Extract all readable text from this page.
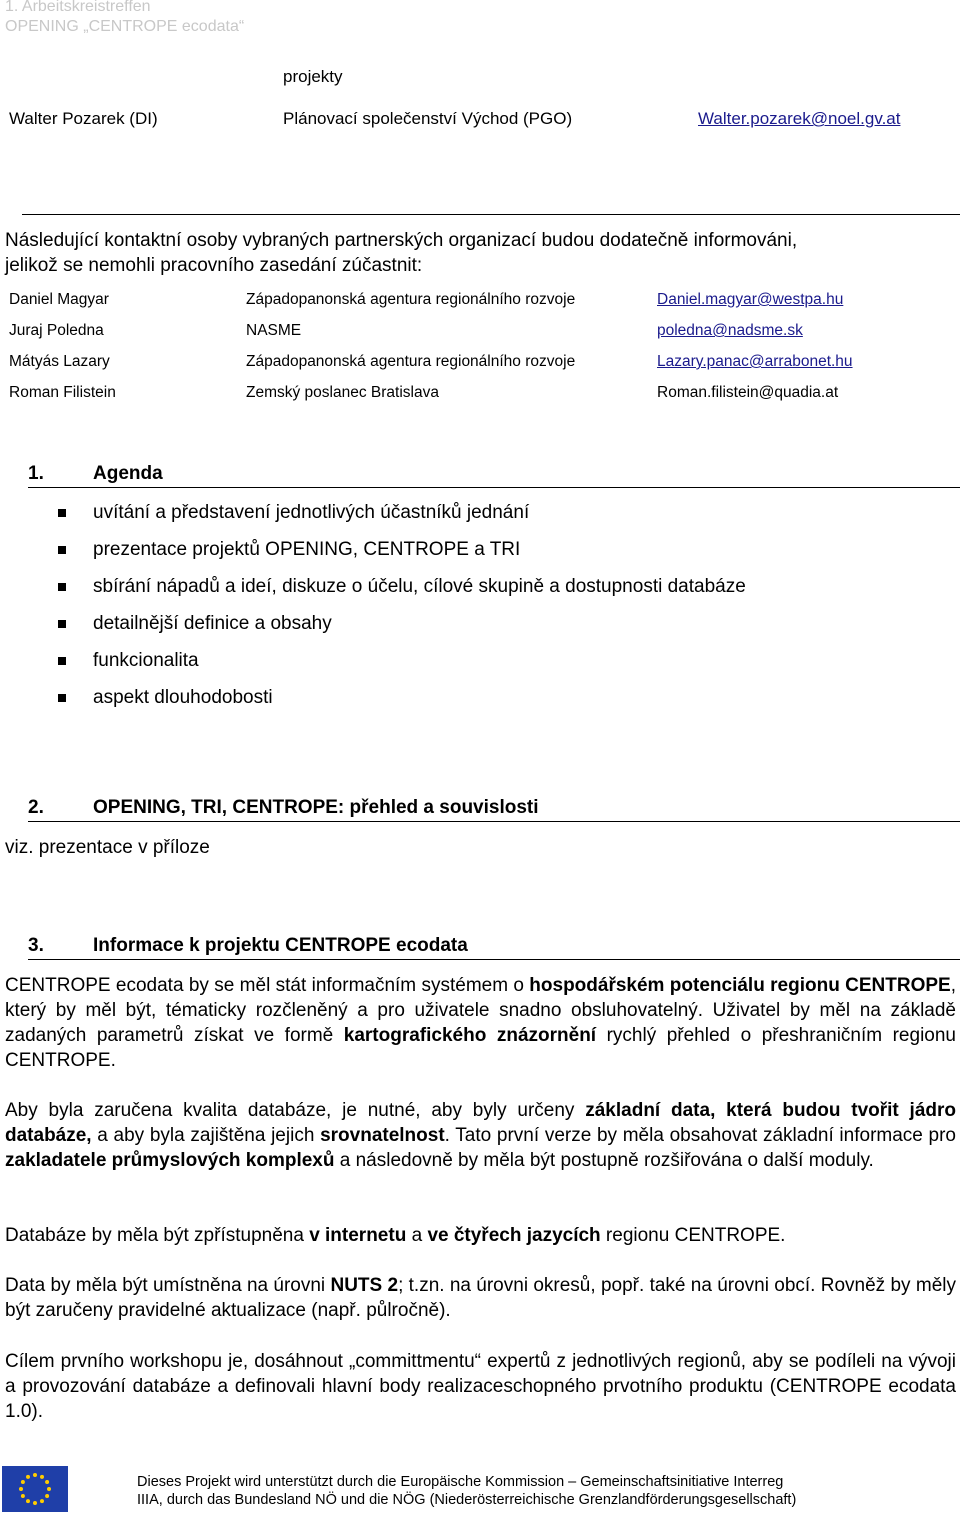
1. Arbeitskreistreffen
OPENING „CENTROPE ecodata“
projekty
Walter Pozarek (DI)	Plánovací společenství Východ (PGO)	Walter.pozarek@noel.gv.at
Následující kontaktní osoby vybraných partnerských organizací budou dodatečně informováni,
jelikož se nemohli pracovního zasedání zúčastnit:
Daniel Magyar	Západopanonská agentura regionálního rozvoje	Daniel.magyar@westpa.hu
Juraj Poledna	NASME	poledna@nadsme.sk
Mátyás Lazary	Západopanonská agentura regionálního rozvoje	Lazary.panac@arrabonet.hu
Roman Filistein	Zemský poslanec Bratislava	Roman.filistein@quadia.at
1.	Agenda
uvítání a představení jednotlivých účastníků jednání
prezentace projektů OPENING, CENTROPE a TRI
sbírání nápadů a ideí, diskuze o účelu, cílové skupině a dostupnosti databáze
detailnější definice a obsahy
funkcionalita
aspekt dlouhodobosti
2.	OPENING, TRI, CENTROPE: přehled a souvislosti
viz. prezentace v příloze
3.	Informace k projektu CENTROPE ecodata
CENTROPE ecodata by se měl stát informačním systémem o hospodářském potenciálu regionu CENTROPE, který by měl být, tématicky rozčleněný a pro uživatele snadno obsluhovatelný. Uživatel by měl na základě zadaných parametrů získat ve formě kartografického znázornění rychlý přehled o přeshraničním regionu CENTROPE.
Aby byla zaručena kvalita databáze, je nutné, aby byly určeny základní data, která budou tvořit jádro databáze, a aby byla zajištěna jejich srovnatelnost. Tato první verze by měla obsahovat základní informace pro zakladatele průmyslových komplexů a následovně by měla být postupně rozšiřována o další moduly.
Databáze by měla být zpřístupněna v internetu a ve čtyřech jazycích regionu CENTROPE.
Data by měla být umístněna na úrovni NUTS 2; t.zn. na úrovni okresů, popř. také na úrovni obcí. Rovněž by měly být zaručeny pravidelné aktualizace (např. půlročně).
Cílem prvního workshopu je, dosáhnout „committmentu“ expertů z jednotlivých regionů, aby se podíleli na vývoji a provozování databáze a definovali hlavní body realizaceschopného prvotního produktu (CENTROPE ecodata 1.0).
Dieses Projekt wird unterstützt durch die Europäische Kommission – Gemeinschaftsinitiative Interreg
IIIA, durch das Bundesland NÖ und die NÖG (Niederösterreichische Grenzlandförderungsgesellschaft)
